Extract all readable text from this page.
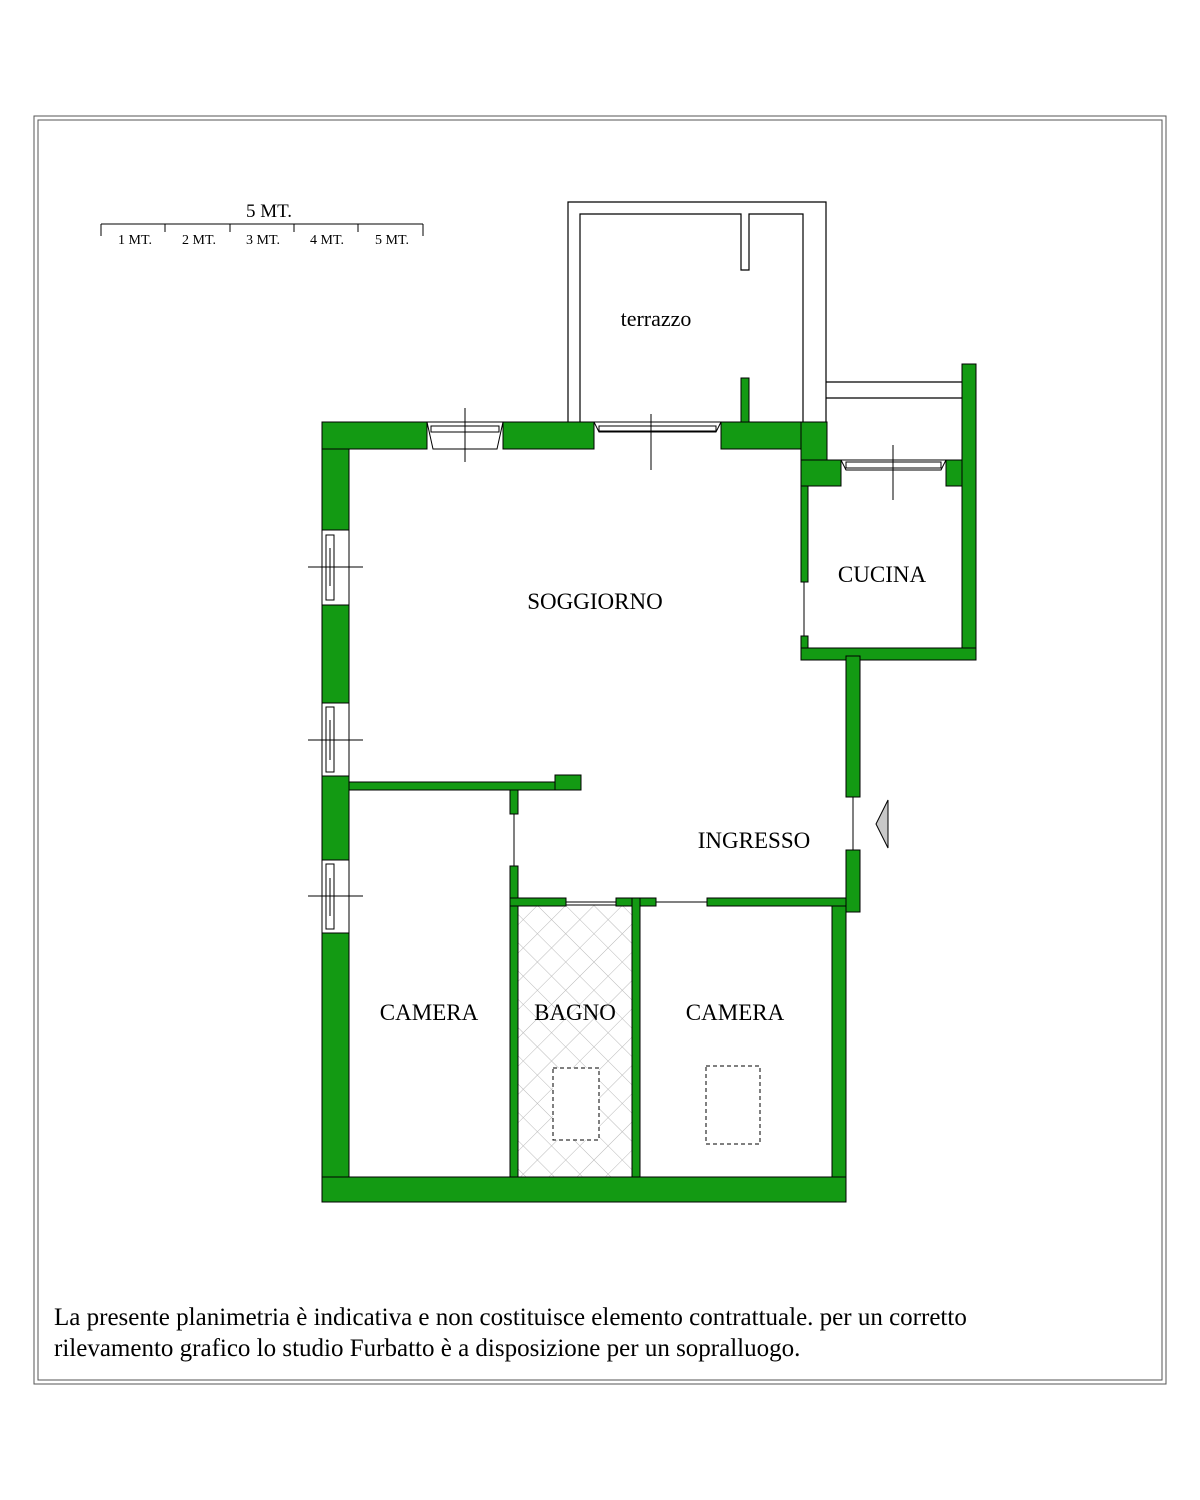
5 MT.
1 MT. 2 MT. 3 MT. 4 MT. 5 MT.
terrazzo
SOGGIORNO
CUCINA
INGRESSO
CAMERA BAGNO	CAMERA
La presente planimetria è indicativa e non costituisce elemento contrattuale. per un corretto
rilevamento grafico lo studio Furbatto è a disposizione per un sopralluogo.
